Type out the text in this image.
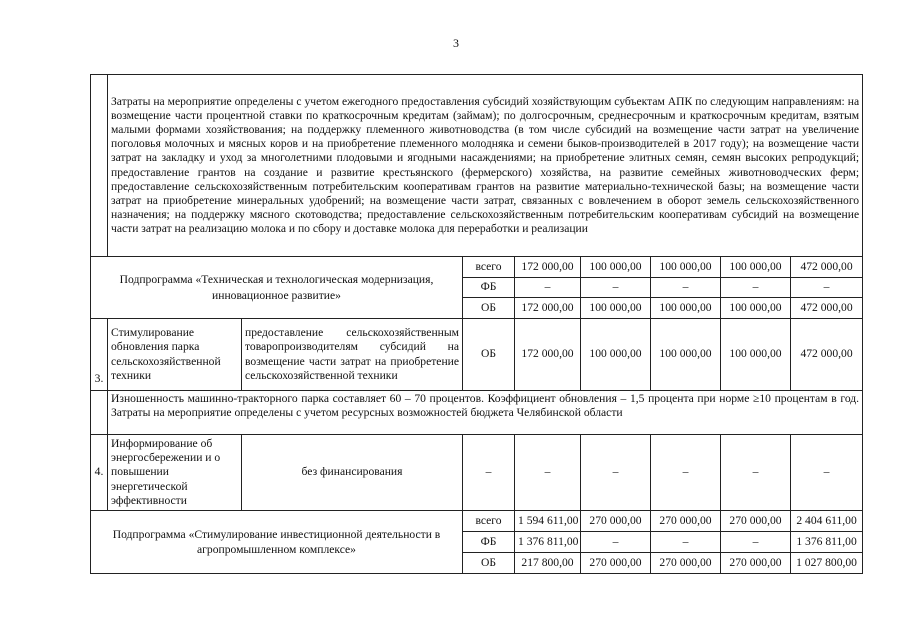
3
	Затраты на мероприятие определены с учетом ежегодного предоставления субсидий хозяйствующим субъектам АПК по следующим направлениям: на возмещение части процентной ставки по краткосрочным кредитам (займам); по долгосрочным, среднесрочным и краткосрочным кредитам, взятым малыми формами хозяйствования; на поддержку племенного животноводства (в том числе субсидий на возмещение части затрат на увеличение поголовья молочных и мясных коров и на приобретение племенного молодняка и семени быков-производителей в 2017 году); на возмещение части затрат на закладку и уход за многолетними плодовыми и ягодными насаждениями; на приобретение элитных семян, семян высоких репродукций; предоставление грантов на создание и развитие крестьянского (фермерского) хозяйства, на развитие семейных животноводческих ферм; предоставление сельскохозяйственным потребительским кооперативам грантов на развитие материально-технической базы; на возмещение части затрат на приобретение минеральных удобрений; на возмещение части затрат, связанных с вовлечением в оборот земель сельскохозяйственного назначения; на поддержку мясного скотоводства; предоставление сельскохозяйственным потребительским кооперативам субсидий на возмещение части затрат на реализацию молока и по сбору и доставке молока для переработки и реализации							
Подпрограмма «Техническая и технологическая модернизация, инновационное развитие»			всего	172 000,00	100 000,00	100 000,00	100 000,00	472 000,00
			ФБ	–	–	–	–	–
			ОБ	172 000,00	100 000,00	100 000,00	100 000,00	472 000,00
3.	Стимулирование обновления парка сельскохозяйственной техники	предоставление сельскохозяйственным товаропроизводителям субсидий на возмещение части затрат на приобретение сельскохозяйственной техники	ОБ	172 000,00	100 000,00	100 000,00	100 000,00	472 000,00
	Изношенность машинно-тракторного парка составляет 60 – 70 процентов. Коэффициент обновления – 1,5 процента при норме ≥10 процентам в год. Затраты на мероприятие определены с учетом ресурсных возможностей бюджета Челябинской области							
4.	Информирование об энергосбережении и о повышении энергетической эффективности	без финансирования	–	–	–	–	–	–
Подпрограмма «Стимулирование инвестиционной деятельности в агропромышленном комплексе»			всего	1 594 611,00	270 000,00	270 000,00	270 000,00	2 404 611,00
			ФБ	1 376 811,00	–	–	–	1 376 811,00
			ОБ	217 800,00	270 000,00	270 000,00	270 000,00	1 027 800,00
